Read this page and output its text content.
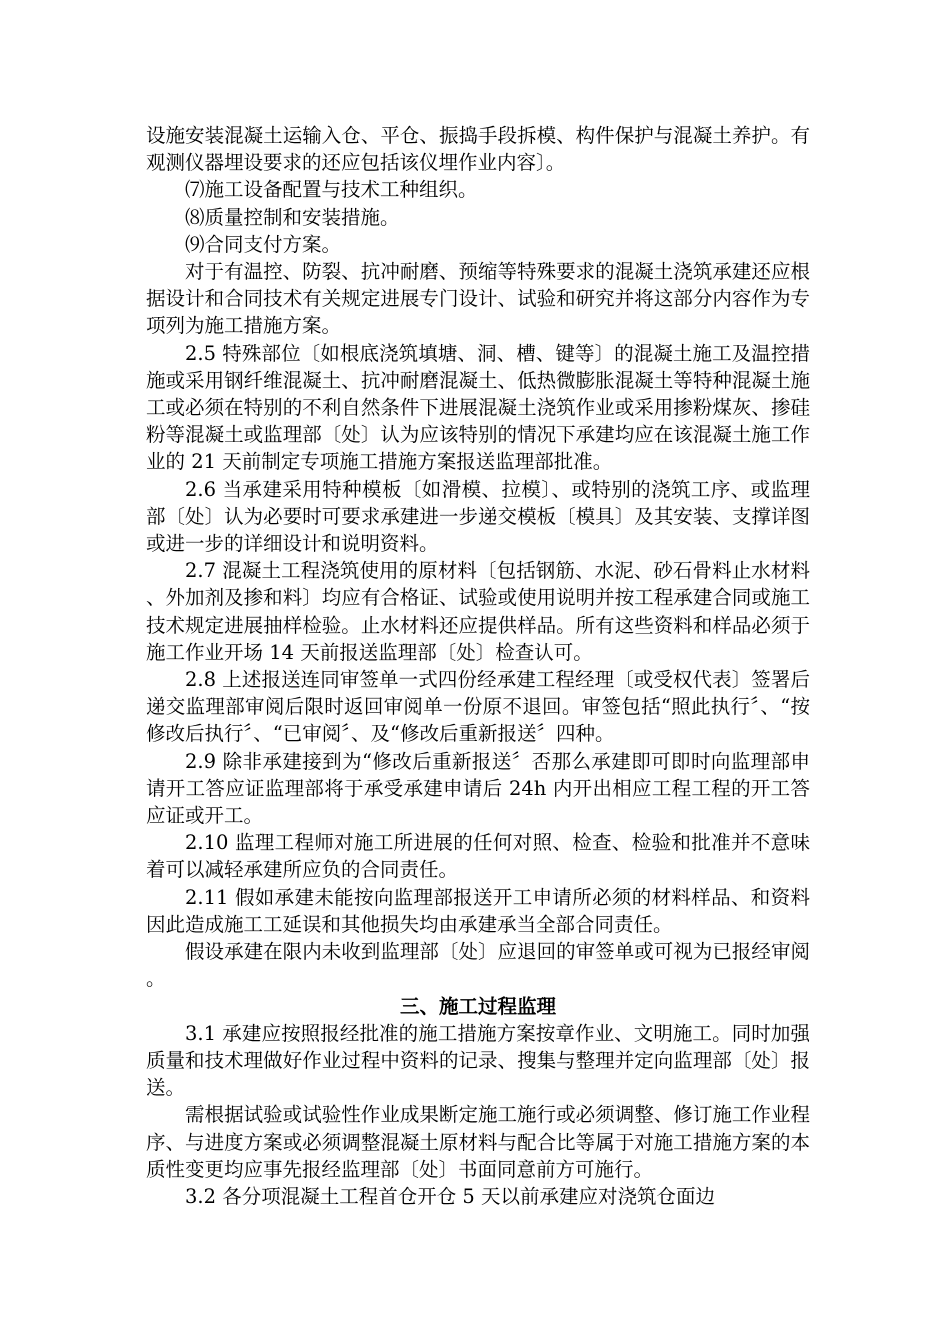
设施安装混凝土运输入仓、平仓、振捣手段拆模、构件保护与混凝土养护。有观测仪器埋设要求的还应包括该仪埋作业内容〕。

⑺施工设备配置与技术工种组织。

⑻质量控制和安装措施。

⑼合同支付方案。

对于有温控、防裂、抗冲耐磨、预缩等特殊要求的混凝土浇筑承建还应根据设计和合同技术有关规定进展专门设计、试验和研究并将这部分内容作为专项列为施工措施方案。

2.5 特殊部位〔如根底浇筑填塘、洞、槽、键等〕的混凝土施工及温控措施或采用钢纤维混凝土、抗冲耐磨混凝土、低热微膨胀混凝土等特种混凝土施工或必须在特别的不利自然条件下进展混凝土浇筑作业或采用掺粉煤灰、掺硅粉等混凝土或监理部〔处〕认为应该特别的情况下承建均应在该混凝土施工作业的 21 天前制定专项施工措施方案报送监理部批准。

2.6 当承建采用特种模板〔如滑模、拉模〕、或特别的浇筑工序、或监理部〔处〕认为必要时可要求承建进一步递交模板〔模具〕及其安装、支撑详图或进一步的详细设计和说明资料。

2.7 混凝土工程浇筑使用的原材料〔包括钢筋、水泥、砂石骨料止水材料、外加剂及掺和料〕均应有合格证、试验或使用说明并按工程承建合同或施工技术规定进展抽样检验。止水材料还应提供样品。所有这些资料和样品必须于施工作业开场 14 天前报送监理部〔处〕检查认可。

2.8 上述报送连同审签单一式四份经承建工程经理〔或受权代表〕签署后递交监理部审阅后限时返回审阅单一份原不退回。审签包括“照此执行〞、“按修改后执行〞、“已审阅〞、及“修改后重新报送〞四种。

2.9 除非承建接到为“修改后重新报送〞否那么承建即可即时向监理部申请开工答应证监理部将于承受承建申请后 24h 内开出相应工程工程的开工答应证或开工。

2.10 监理工程师对施工所进展的任何对照、检查、检验和批准并不意味着可以减轻承建所应负的合同责任。

2.11 假如承建未能按向监理部报送开工申请所必须的材料样品、和资料因此造成施工工延误和其他损失均由承建承当全部合同责任。

假设承建在限内未收到监理部〔处〕应退回的审签单或可视为已报经审阅。

三、施工过程监理

3.1 承建应按照报经批准的施工措施方案按章作业、文明施工。同时加强质量和技术理做好作业过程中资料的记录、搜集与整理并定向监理部〔处〕报送。

需根据试验或试验性作业成果断定施工施行或必须调整、修订施工作业程序、与进度方案或必须调整混凝土原材料与配合比等属于对施工措施方案的本质性变更均应事先报经监理部〔处〕书面同意前方可施行。

3.2 各分项混凝土工程首仓开仓 5 天以前承建应对浇筑仓面边
